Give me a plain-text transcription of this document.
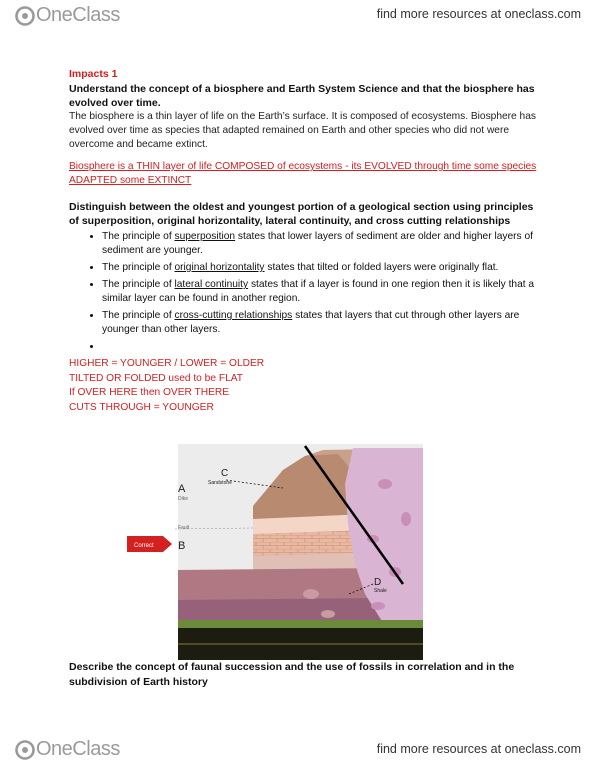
OneClass	find more resources at oneclass.com
Impacts 1
Understand the concept of a biosphere and Earth System Science and that the biosphere has evolved over time.
The biosphere is a thin layer of life on the Earth’s surface. It is composed of ecosystems. Biosphere has evolved over time as species that adapted remained on Earth and other species who did not were overcome and became extinct.
Biosphere is a THIN layer of life COMPOSED of ecosystems - its EVOLVED through time some species ADAPTED some EXTINCT
Distinguish between the oldest and youngest portion of a geological section using principles of superposition, original horizontality, lateral continuity, and cross cutting relationships
• The principle of superposition states that lower layers of sediment are older and higher layers of sediment are younger.
• The principle of original horizontality states that tilted or folded layers were originally flat.
• The principle of lateral continuity states that if a layer is found in one region then it is likely that a similar layer can be found in another region.
• The principle of cross-cutting relationships states that layers that cut through other layers are younger than other layers.
•
HIGHER = YOUNGER / LOWER = OLDER
TILTED OR FOLDED used to be FLAT
If OVER HERE then OVER THERE
CUTS THROUGH = YOUNGER
C
Sandstone
A
Dike
Fault
Correct B
D
Shale
Describe the concept of faunal succession and the use of fossils in correlation and in the subdivision of Earth history
OneClass	find more resources at oneclass.com
